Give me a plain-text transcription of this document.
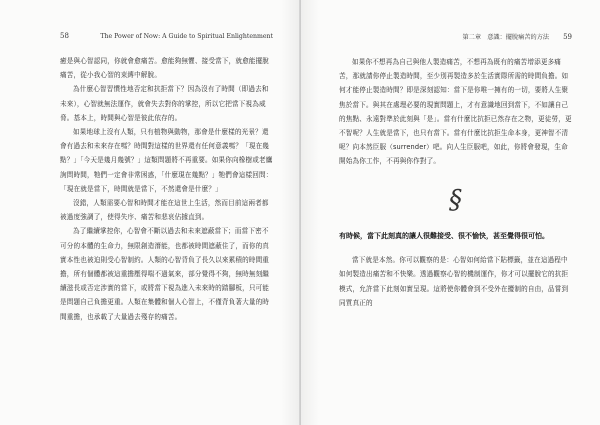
58	The Power of Now: A Guide to Spiritual Enlightenment

癒是與心智認同，你就會愈痛苦。愈能夠無懼、接受當下，就愈能擺脫痛苦，從小我心智的束縛中解脫。

為什麼心智習慣性地否定和抗拒當下？因為沒有了時間（即過去和未來），心智就無法運作，就會失去對你的掌控，所以它把當下視為威脅。基本上，時間與心智是彼此依存的。

如果地球上沒有人類，只有植物與動物，那會是什麼樣的光景？還會有過去和未來存在嗎？時間對這樣的世界還有任何意義嗎？「現在幾點？」「今天是幾月幾號？」這類問題將不再重要。如果你向橡樹或老鷹詢問時間，牠們一定會非常困惑，「什麼現在幾點？」牠們會這樣回問：「現在就是當下，時間就是當下，不然還會是什麼？」

沒錯，人類需要心智和時間才能在這世上生活，然而目前這兩者都被過度強調了，使得失序、痛苦和悲哀佔據直到。

為了繼續掌控你，心智會不斷以過去和未來遮蔽當下；而當下密不可分的本體的生命力，無限創造潛能，也都被時間遮蔽住了，而你的真實本性也被迫則受心智制約。人類的心智背負了長久以來累積的時間重擔，所有個體都被這重擔壓得喘不過氣來，部分覺得不夠，無時無刻繼續滋長或否定涉實的當下，或將當下視為進入未來時的踏腳板，只可能是問題自己負擔更重。人類在集體和個人心智上，不僅背負著大量的時間重擔，也承載了大量過去殘存的痛苦。

第二章　意識：擺脫痛苦的方法 59

如果你不想再為自己與他人製造痛苦，不想再為既有的痛苦增添更多痛苦，那就請你停止製造時間，至少別再製造多於生活實際所需的時間負擔。如何才能停止製造時間？即是深刻認知：當下是你唯一擁有的一切，要將人生聚焦於當下。與其在處理必要的現實問題上，才有意識地回到當下，不如讓自己的焦點、永遠對準於此刻與「是」。當有什麼比抗拒已然存在之物，更徒勞，更不智呢？人生就是當下，也只有當下。當有什麼比抗拒生命本身，更神智不清呢？向本然臣服（surrender）吧。向人生臣服吧，如此，你將會發現，生命開始為你工作，不再與你作對了。

§

有時候，當下此刻真的讓人很難接受、很不愉快，甚至覺得很可怕。

當下就是本然。你可以觀察的是：心智如何給當下貼標籤，並在這過程中如何製造出痛苦和不快樂。透過觀察心智的機制運作，你才可以擺脫它的抗拒模式，允許當下此刻如實呈現。這將使你體會到不受外在擾制的自由，品嘗到同質真正的
